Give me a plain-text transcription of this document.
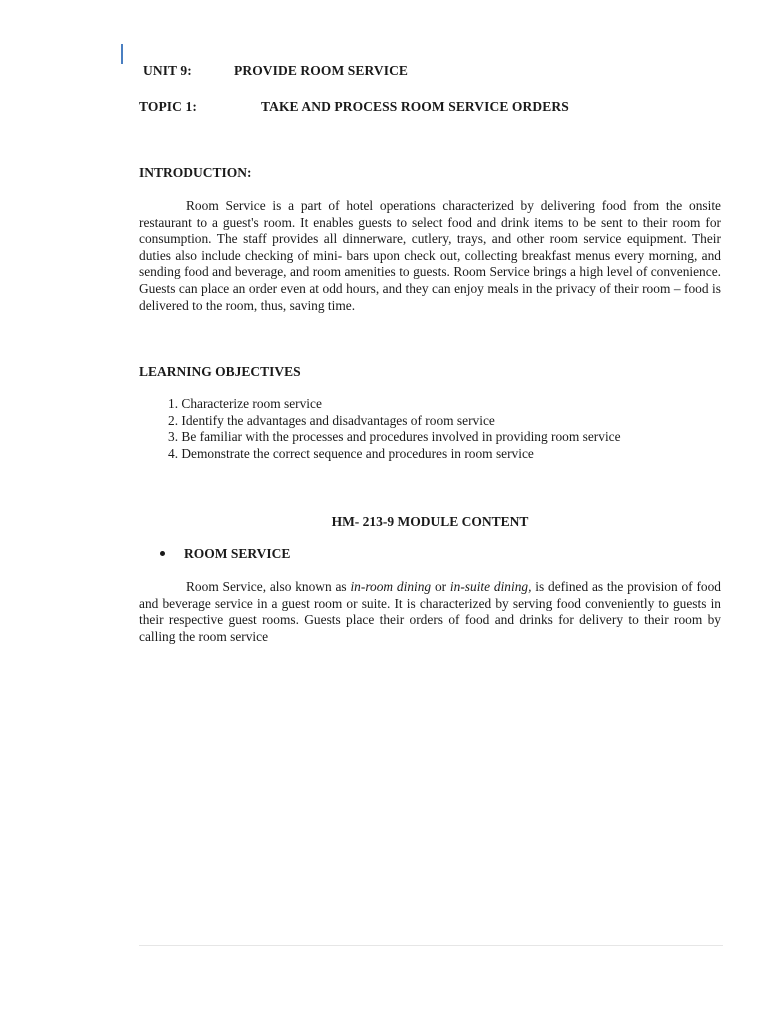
UNIT 9:	PROVIDE ROOM SERVICE
TOPIC 1:	TAKE AND PROCESS ROOM SERVICE ORDERS
INTRODUCTION:
Room Service is a part of hotel operations characterized by delivering food from the onsite restaurant to a guest's room. It enables guests to select food and drink items to be sent to their room for consumption. The staff provides all dinnerware, cutlery, trays, and other room service equipment. Their duties also include checking of mini- bars upon check out, collecting breakfast menus every morning, and sending food and beverage, and room amenities to guests. Room Service brings a high level of convenience. Guests can place an order even at odd hours, and they can enjoy meals in the privacy of their room – food is delivered to the room, thus, saving time.
LEARNING OBJECTIVES
1. Characterize room service
2. Identify the advantages and disadvantages of room service
3. Be familiar with the processes and procedures involved in providing room service
4. Demonstrate the correct sequence and procedures in room service
HM- 213-9 MODULE CONTENT
ROOM SERVICE
Room Service, also known as in-room dining or in-suite dining, is defined as the provision of food and beverage service in a guest room or suite. It is characterized by serving food conveniently to guests in their respective guest rooms. Guests place their orders of food and drinks for delivery to their room by calling the room service
